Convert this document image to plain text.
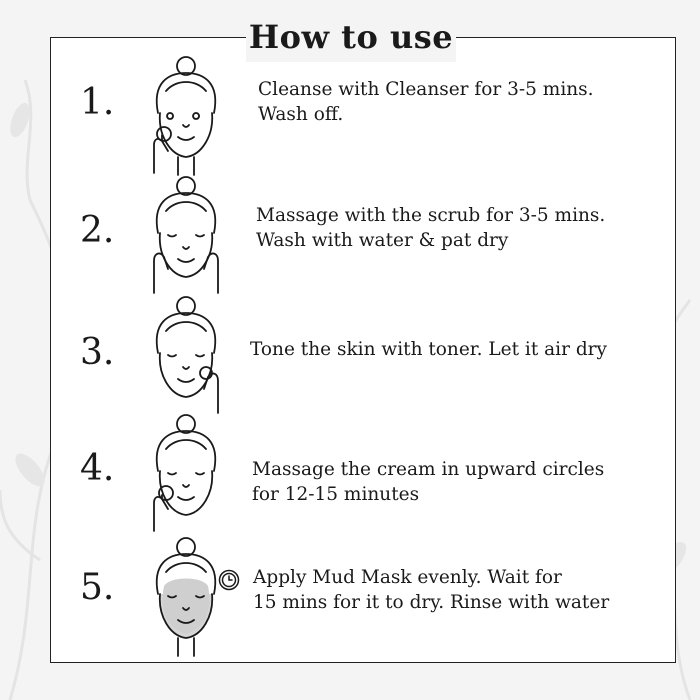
How to use
1.	Cleanse with Cleanser for 3-5 mins.
Wash off.
2.	Massage with the scrub for 3-5 mins.
Wash with water & pat dry
3.	Tone the skin with toner. Let it air dry
4.	Massage the cream in upward circles
for 12-15 minutes
5.	Apply Mud Mask evenly. Wait for
15 mins for it to dry. Rinse with water
